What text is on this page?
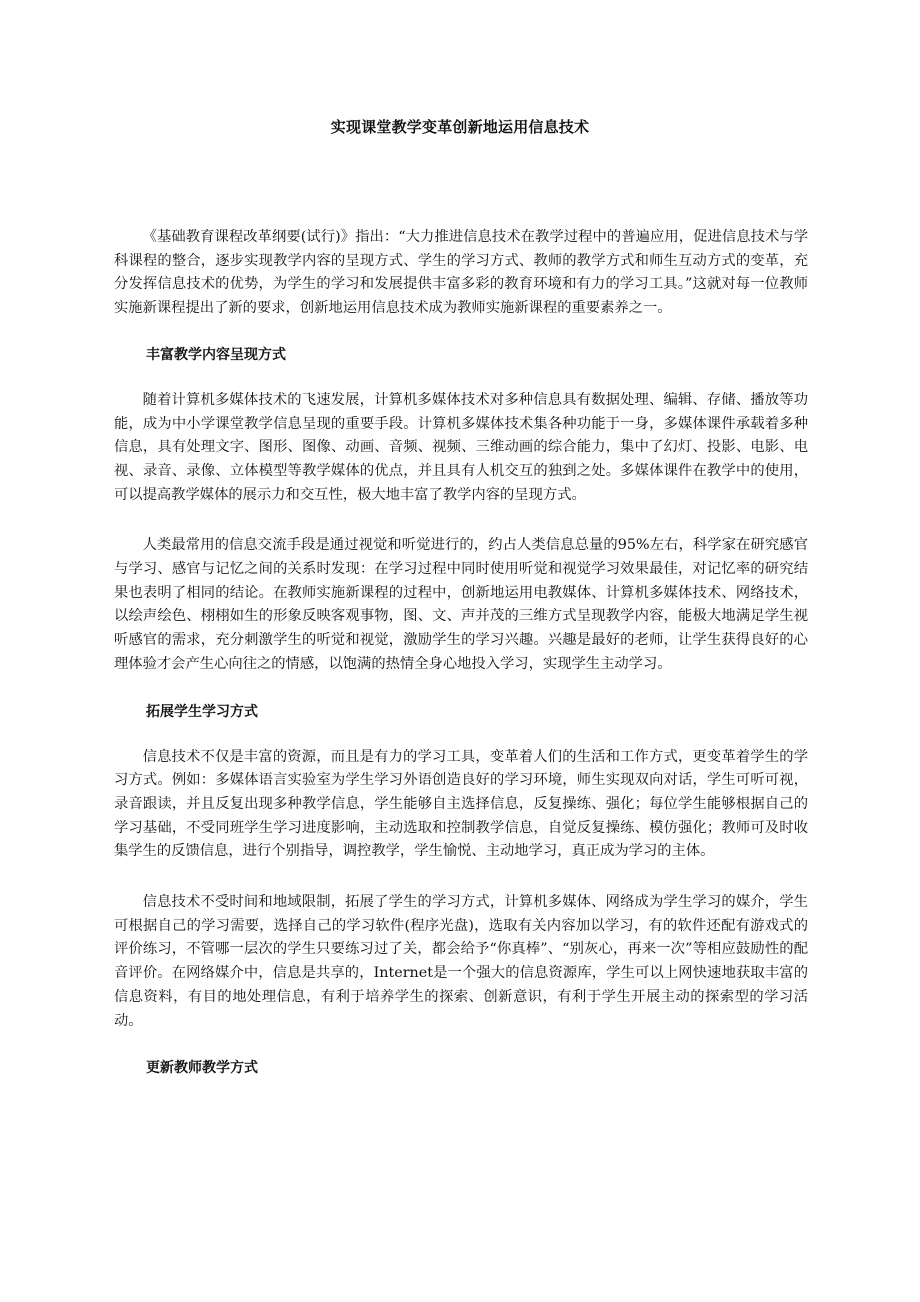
实现课堂教学变革创新地运用信息技术

《基础教育课程改革纲要(试行)》指出：“大力推进信息技术在教学过程中的普遍应用，促进信息技术与学科课程的整合，逐步实现教学内容的呈现方式、学生的学习方式、教师的教学方式和师生互动方式的变革，充分发挥信息技术的优势，为学生的学习和发展提供丰富多彩的教育环境和有力的学习工具。”这就对每一位教师实施新课程提出了新的要求，创新地运用信息技术成为教师实施新课程的重要素养之一。

丰富教学内容呈现方式

随着计算机多媒体技术的飞速发展，计算机多媒体技术对多种信息具有数据处理、编辑、存储、播放等功能，成为中小学课堂教学信息呈现的重要手段。计算机多媒体技术集各种功能于一身，多媒体课件承载着多种信息，具有处理文字、图形、图像、动画、音频、视频、三维动画的综合能力，集中了幻灯、投影、电影、电视、录音、录像、立体模型等教学媒体的优点，并且具有人机交互的独到之处。多媒体课件在教学中的使用，可以提高教学媒体的展示力和交互性，极大地丰富了教学内容的呈现方式。

人类最常用的信息交流手段是通过视觉和听觉进行的，约占人类信息总量的95%左右，科学家在研究感官与学习、感官与记忆之间的关系时发现：在学习过程中同时使用听觉和视觉学习效果最佳，对记忆率的研究结果也表明了相同的结论。在教师实施新课程的过程中，创新地运用电教媒体、计算机多媒体技术、网络技术，以绘声绘色、栩栩如生的形象反映客观事物，图、文、声并茂的三维方式呈现教学内容，能极大地满足学生视听感官的需求，充分刺激学生的听觉和视觉，激励学生的学习兴趣。兴趣是最好的老师，让学生获得良好的心理体验才会产生心向往之的情感，以饱满的热情全身心地投入学习，实现学生主动学习。

拓展学生学习方式

信息技术不仅是丰富的资源，而且是有力的学习工具，变革着人们的生活和工作方式，更变革着学生的学习方式。例如：多媒体语言实验室为学生学习外语创造良好的学习环境，师生实现双向对话，学生可听可视，录音跟读，并且反复出现多种教学信息，学生能够自主选择信息，反复操练、强化；每位学生能够根据自己的学习基础，不受同班学生学习进度影响，主动选取和控制教学信息，自觉反复操练、模仿强化；教师可及时收集学生的反馈信息，进行个别指导，调控教学，学生愉悦、主动地学习，真正成为学习的主体。

信息技术不受时间和地域限制，拓展了学生的学习方式，计算机多媒体、网络成为学生学习的媒介，学生可根据自己的学习需要，选择自己的学习软件(程序光盘)，选取有关内容加以学习，有的软件还配有游戏式的评价练习，不管哪一层次的学生只要练习过了关，都会给予“你真棒”、“别灰心，再来一次”等相应鼓励性的配音评价。在网络媒介中，信息是共享的，Internet是一个强大的信息资源库，学生可以上网快速地获取丰富的信息资料，有目的地处理信息，有利于培养学生的探索、创新意识，有利于学生开展主动的探索型的学习活动。

更新教师教学方式
